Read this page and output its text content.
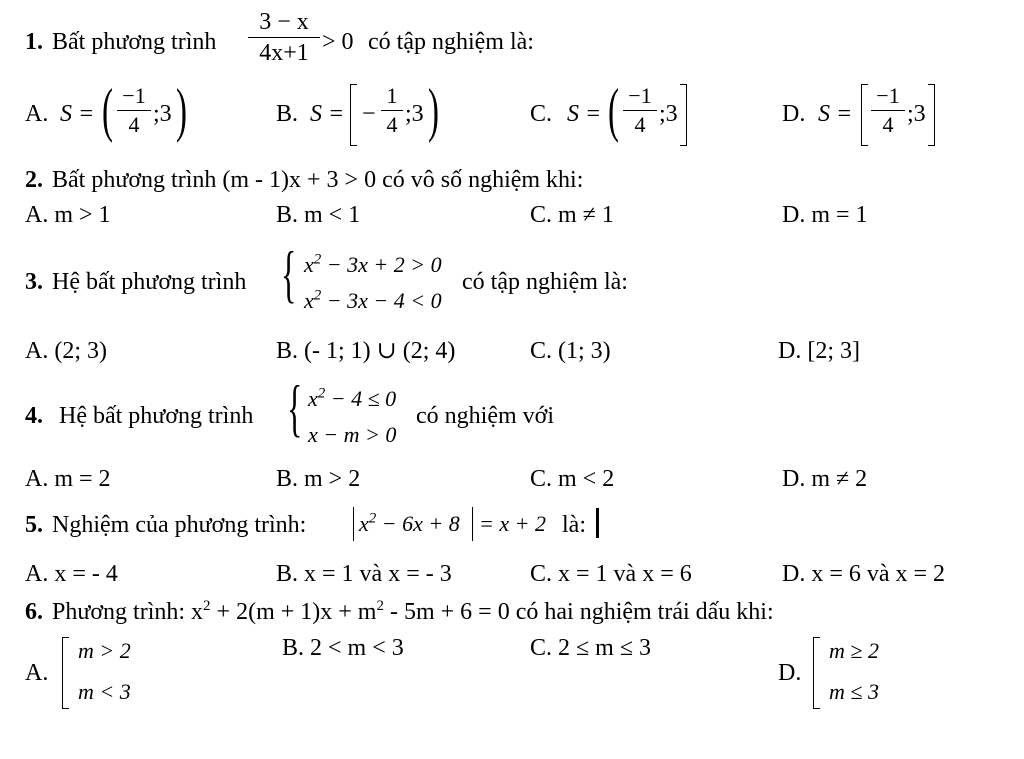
1. Bất phương trình
3 − x
4x+1 > 0 có tập nghiệm là:
A. S = ( −1
4 ;3 )	B. S = −
1
4 ;3 )	C. S = ( −1
4 ;3	D. S =
−1
4 ;3
2. Bất phương trình (m - 1)x + 3 > 0 có vô số nghiệm khi:
A. m > 1	B. m < 1	C. m ≠ 1	D. m = 1
3. Hệ bất phương trình { $x^2 - 3x + 2 > 0$
$x^2 - 3x - 4 < 0$
có tập nghiệm là:
A. (2; 3)	B. (- 1; 1) ∪ (2; 4)	C. (1; 3)	D. [2; 3]
4. Hệ bất phương trình { $x^2 - 4 \le 0$
x − m > 0
có nghiệm với
A. m = 2	B. m > 2	C. m < 2	D. m ≠ 2
5. Nghiệm của phương trình: $x^2 - 6x + 8 = x + 2$ là:
A. x = - 4	B. x = 1 và x = - 3	C. x = 1 và x = 6	D. x = 6 và x = 2
6. Phương trình: $x^2 + 2(m + 1)x + m^2 - 5m + 6 = 0$ có hai nghiệm trái dấu khi:
A.
m > 2
m < 3
B. 2 < m < 3	C. 2 ≤ m ≤ 3
D.
m ≥ 2
m ≤ 3
